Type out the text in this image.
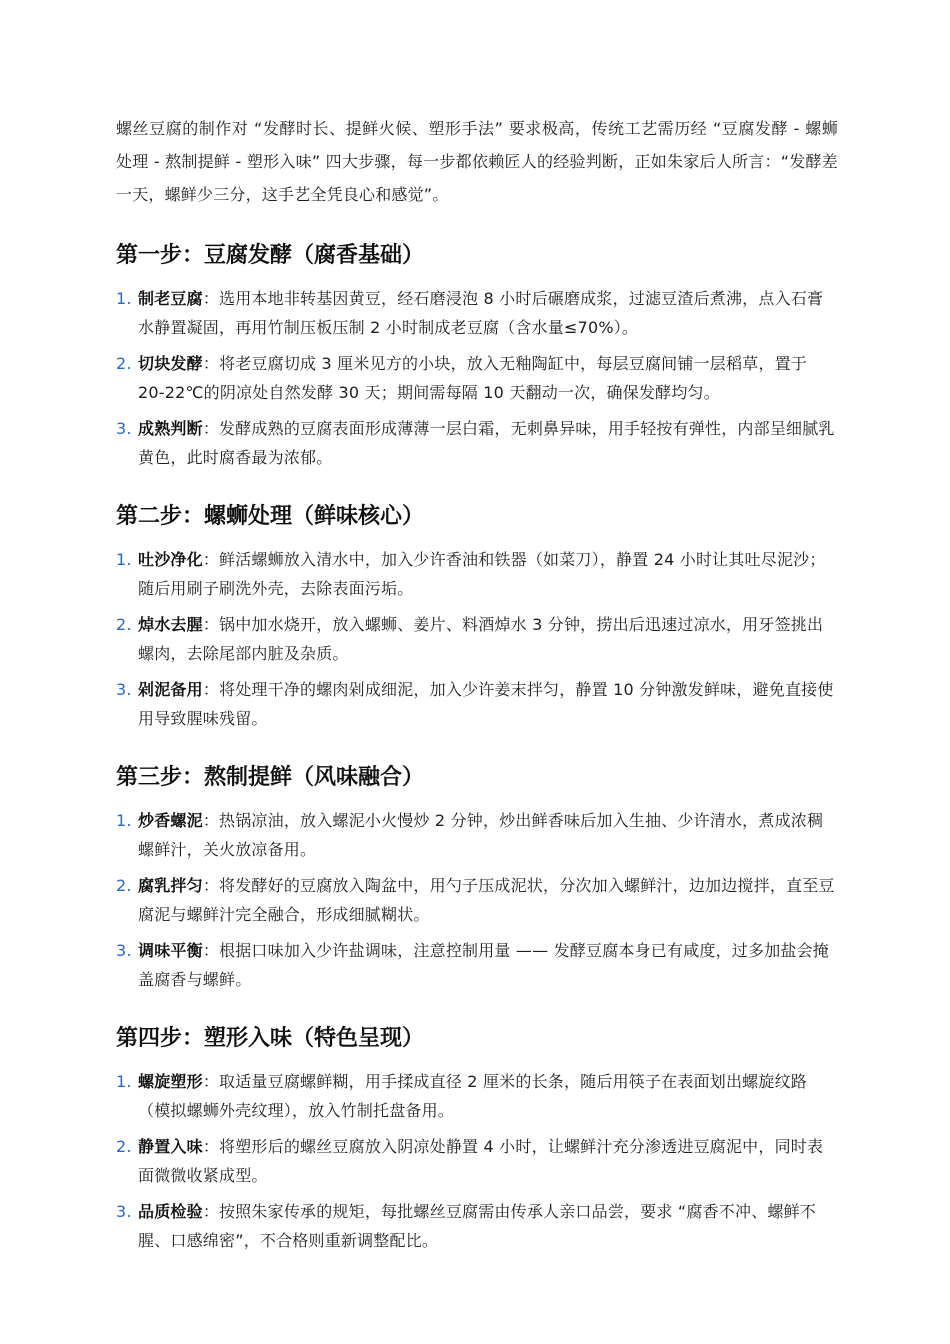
螺丝豆腐的制作对 “发酵时长、提鲜火候、塑形手法” 要求极高，传统工艺需历经 “豆腐发酵 - 螺蛳处理 - 熬制提鲜 - 塑形入味” 四大步骤，每一步都依赖匠人的经验判断，正如朱家后人所言：“发酵差一天，螺鲜少三分，这手艺全凭良心和感觉”。

第一步：豆腐发酵（腐香基础）
1. 制老豆腐：选用本地非转基因黄豆，经石磨浸泡 8 小时后碾磨成浆，过滤豆渣后煮沸，点入石膏水静置凝固，再用竹制压板压制 2 小时制成老豆腐（含水量≤70%）。
2. 切块发酵：将老豆腐切成 3 厘米见方的小块，放入无釉陶缸中，每层豆腐间铺一层稻草，置于 20-22℃的阴凉处自然发酵 30 天；期间需每隔 10 天翻动一次，确保发酵均匀。
3. 成熟判断：发酵成熟的豆腐表面形成薄薄一层白霜，无刺鼻异味，用手轻按有弹性，内部呈细腻乳黄色，此时腐香最为浓郁。
第二步：螺蛳处理（鲜味核心）
1. 吐沙净化：鲜活螺蛳放入清水中，加入少许香油和铁器（如菜刀），静置 24 小时让其吐尽泥沙；随后用刷子刷洗外壳，去除表面污垢。
2. 焯水去腥：锅中加水烧开，放入螺蛳、姜片、料酒焯水 3 分钟，捞出后迅速过凉水，用牙签挑出螺肉，去除尾部内脏及杂质。
3. 剁泥备用：将处理干净的螺肉剁成细泥，加入少许姜末拌匀，静置 10 分钟激发鲜味，避免直接使用导致腥味残留。
第三步：熬制提鲜（风味融合）
1. 炒香螺泥：热锅凉油，放入螺泥小火慢炒 2 分钟，炒出鲜香味后加入生抽、少许清水，煮成浓稠螺鲜汁，关火放凉备用。
2. 腐乳拌匀：将发酵好的豆腐放入陶盆中，用勺子压成泥状，分次加入螺鲜汁，边加边搅拌，直至豆腐泥与螺鲜汁完全融合，形成细腻糊状。
3. 调味平衡：根据口味加入少许盐调味，注意控制用量 —— 发酵豆腐本身已有咸度，过多加盐会掩盖腐香与螺鲜。
第四步：塑形入味（特色呈现）
1. 螺旋塑形：取适量豆腐螺鲜糊，用手揉成直径 2 厘米的长条，随后用筷子在表面划出螺旋纹路（模拟螺蛳外壳纹理），放入竹制托盘备用。
2. 静置入味：将塑形后的螺丝豆腐放入阴凉处静置 4 小时，让螺鲜汁充分渗透进豆腐泥中，同时表面微微收紧成型。
3. 品质检验：按照朱家传承的规矩，每批螺丝豆腐需由传承人亲口品尝，要求 “腐香不冲、螺鲜不腥、口感绵密”，不合格则重新调整配比。
